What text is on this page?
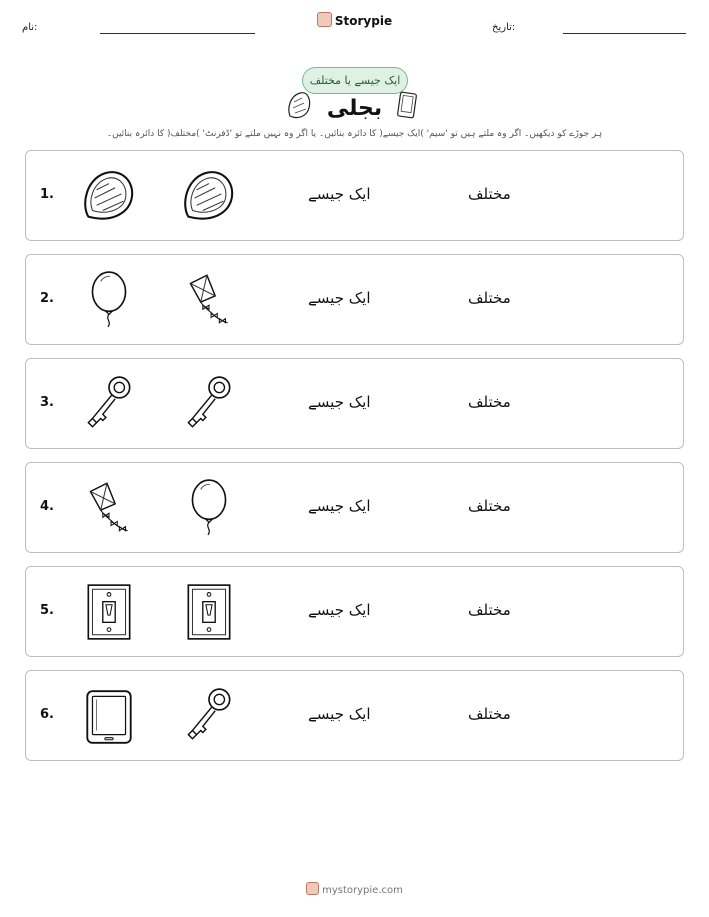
نام:	Storypie	تاریخ:
ایک جیسے یا مختلف
بجلی
ہر جوڑے کو دیکھیں۔ اگر وہ ملتے ہیں تو 'سیم' )ایک جیسے( کا دائرہ بنائیں۔ یا اگر وہ نہیں ملتے تو 'ڈفرنٹ' )مختلف( کا دائرہ بنائیں۔
1.	ایک جیسے	مختلف
2.	ایک جیسے	مختلف
3.	ایک جیسے	مختلف
4.	ایک جیسے	مختلف
5.	ایک جیسے	مختلف
6.	ایک جیسے	مختلف
mystorypie.com
